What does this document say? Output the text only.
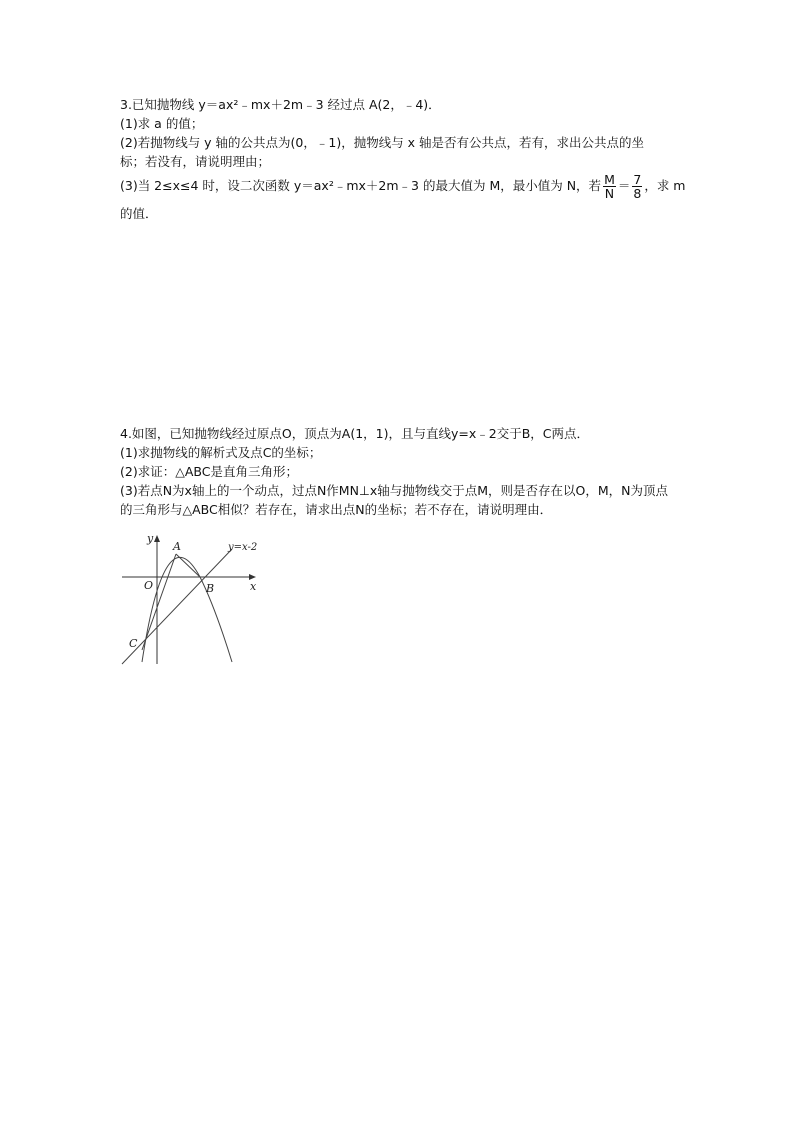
3.已知抛物线 y＝ax²﹣mx＋2m﹣3 经过点 A(2，﹣4)．
(1)求 a 的值；
(2)若抛物线与 y 轴的公共点为(0，﹣1)，抛物线与 x 轴是否有公共点，若有，求出公共点的坐
标；若没有，请说明理由；
(3)当 2≤x≤4 时，设二次函数 y＝ax²﹣mx＋2m﹣3 的最大值为 M，最小值为 N，若 $\frac{M}{N} = \frac{7}{8}$ ，求 m
的值．
4.如图，已知抛物线经过原点O，顶点为A(1，1)，且与直线y=x﹣2交于B，C两点．
(1)求抛物线的解析式及点C的坐标；
(2)求证：△ABC是直角三角形；
(3)若点N为x轴上的一个动点，过点N作MN⊥x轴与抛物线交于点M，则是否存在以O，M，N为顶点
的三角形与△ABC相似？若存在，请求出点N的坐标；若不存在，请说明理由．
y
x
A
O	B
C
y=x-2
